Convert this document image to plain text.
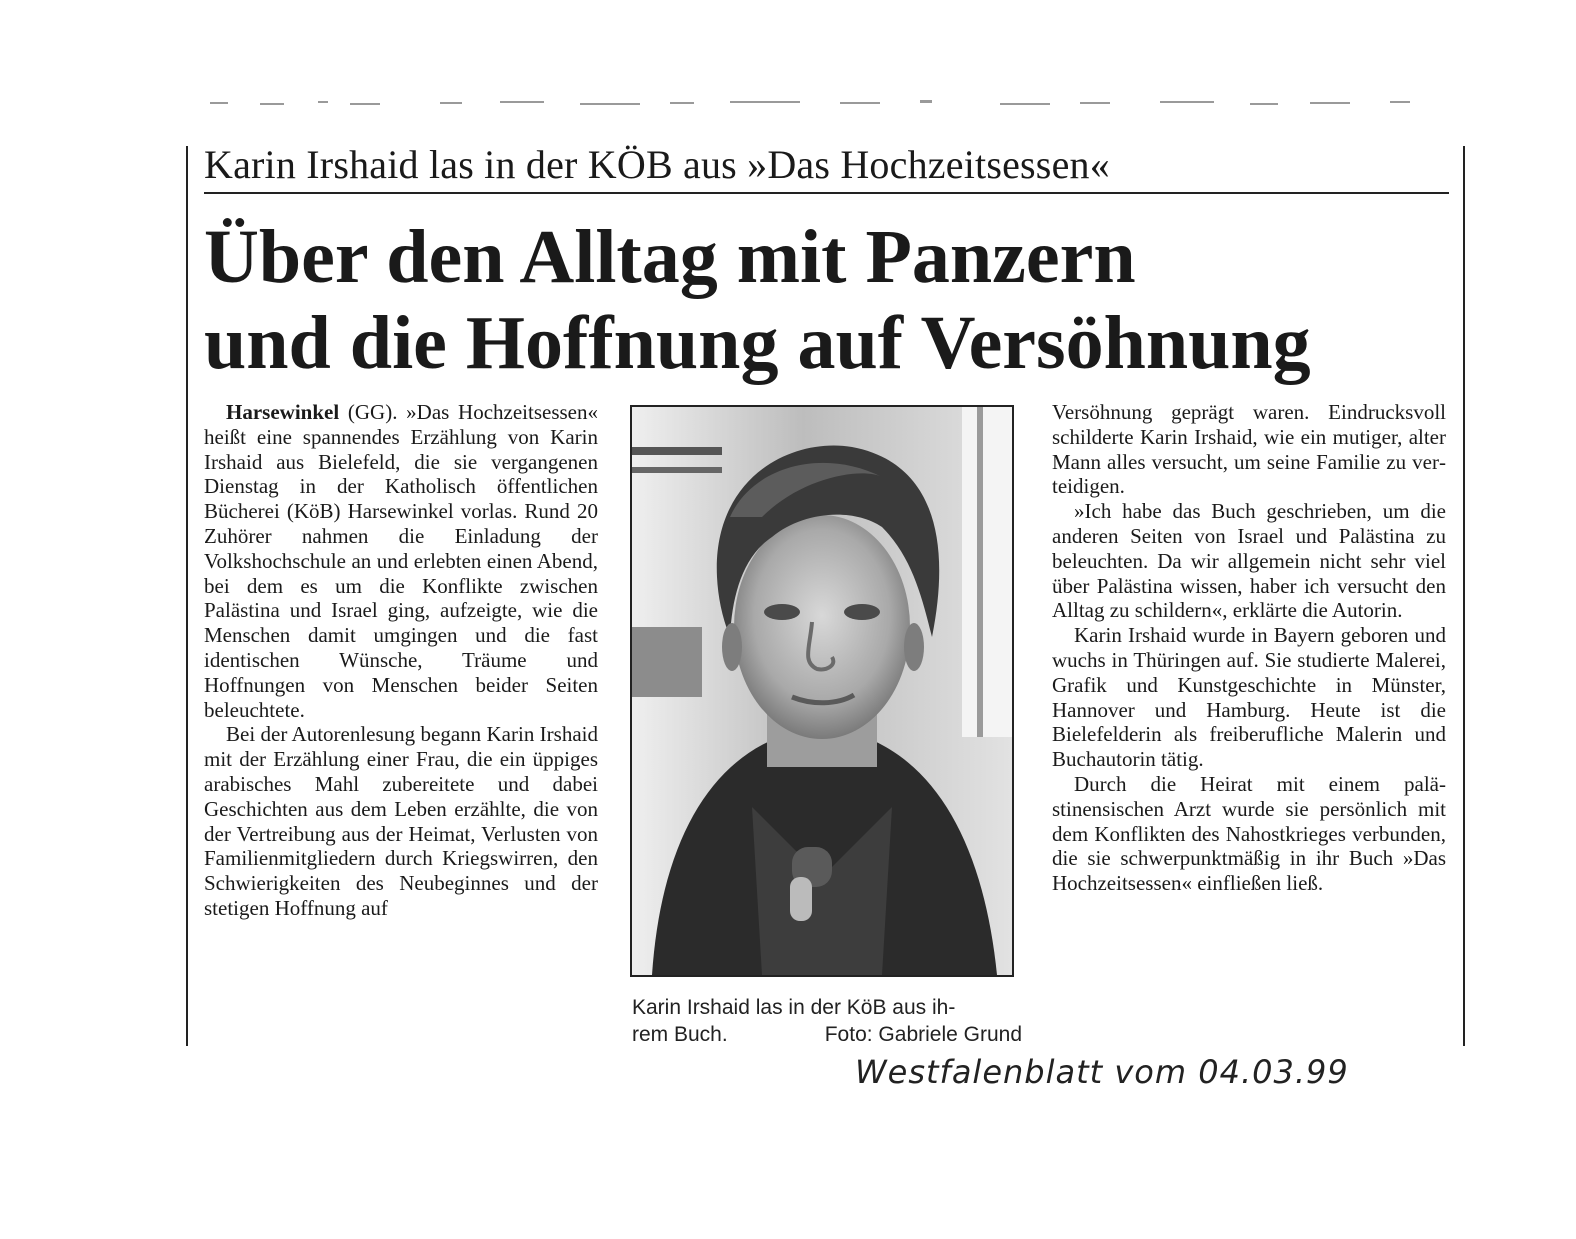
Karin Irshaid las in der KÖB aus »Das Hochzeitsessen«
Über den Alltag mit Panzern
und die Hoffnung auf Versöhnung

Harsewinkel (GG). »Das Hochzeitsessen« heißt eine spannendes Erzählung von Karin Irshaid aus Bielefeld, die sie vergangenen Dienstag in der Katholisch öffentlichen Bücherei (KöB) Harsewinkel vorlas. Rund 20 Zuhörer nahmen die Einladung der Volkshochschule an und erlebten einen Abend, bei dem es um die Konflikte zwischen Palästina und Israel ging, aufzeigte, wie die Menschen damit umgingen und die fast identischen Wünsche, Träume und Hoffnungen von Menschen beider Seiten beleuchtete.

Bei der Autorenlesung begann Karin Irshaid mit der Erzählung einer Frau, die ein üppiges arabisches Mahl zubereitete und dabei Geschichten aus dem Leben erzählte, die von der Vertreibung aus der Heimat, Verlusten von Familienmitgliedern durch Kriegswirren, den Schwierigkeiten des Neubeginnes und der stetigen Hoffnung auf

Karin Irshaid las in der KöB aus ih-
rem Buch.	Foto: Gabriele Grund

Versöhnung geprägt waren. Eindrucksvoll schilderte Karin Irshaid, wie ein mutiger, alter Mann alles versucht, um seine Familie zu verteidigen.

»Ich habe das Buch geschrieben, um die anderen Seiten von Israel und Palästina zu beleuchten. Da wir allgemein nicht sehr viel über Palästina wissen, haber ich versucht den Alltag zu schildern«, erklärte die Autorin.

Karin Irshaid wurde in Bayern geboren und wuchs in Thüringen auf. Sie studierte Malerei, Grafik und Kunstgeschichte in Münster, Hannover und Hamburg. Heute ist die Bielefelderin als freiberufliche Malerin und Buchautorin tätig.

Durch die Heirat mit einem palästinensischen Arzt wurde sie persönlich mit dem Konflikten des Nahostkrieges verbunden, die sie schwerpunktmäßig in ihr Buch »Das Hochzeitsessen« einfließen ließ.

Westfalenblatt vom 04.03.99
